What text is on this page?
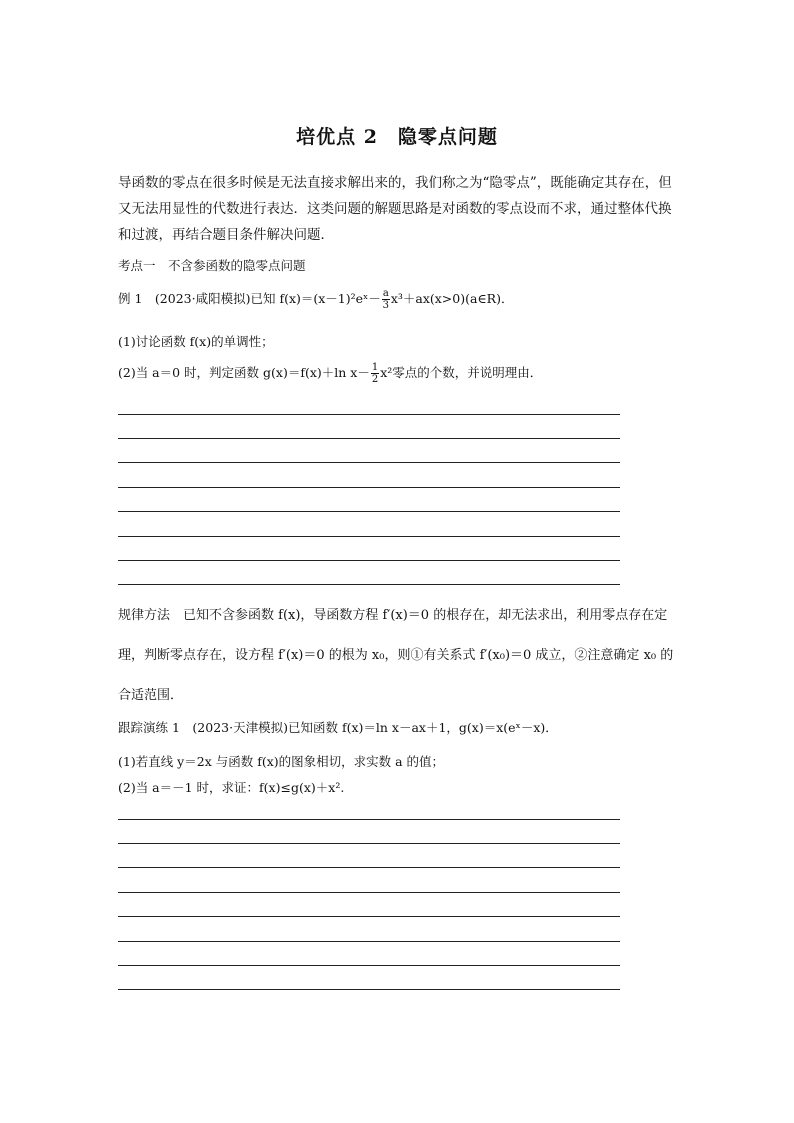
培优点 2　隐零点问题
导函数的零点在很多时候是无法直接求解出来的，我们称之为“隐零点”，既能确定其存在，但又无法用显性的代数进行表达．这类问题的解题思路是对函数的零点设而不求，通过整体代换和过渡，再结合题目条件解决问题．
考点一　不含参函数的隐零点问题
例 1　(2023·咸阳模拟)已知 f(x)＝(x－1)²eˣ－ $\frac{a}{3}$ x³＋ax(x>0)(a∈R)．
(1)讨论函数 f(x)的单调性；
(2)当 a＝0 时，判定函数 g(x)＝f(x)＋ln $x- \frac{1}{2} x^2$零点的个数，并说明理由．
规律方法　已知不含参函数 f(x)，导函数方程 f′(x)＝0 的根存在，却无法求出，利用零点存在定理，判断零点存在，设方程 f′(x)＝0 的根为 x₀，则①有关系式 f′(x₀)＝0 成立，②注意确定 x₀ 的合适范围．
跟踪演练 1　(2023·天津模拟)已知函数 f(x)＝ln x－ax＋1，g(x)＝x(eˣ－x)．
(1)若直线 y＝2x 与函数 f(x)的图象相切，求实数 a 的值；
(2)当 a＝－1 时，求证：f(x)≤g(x)＋x².
